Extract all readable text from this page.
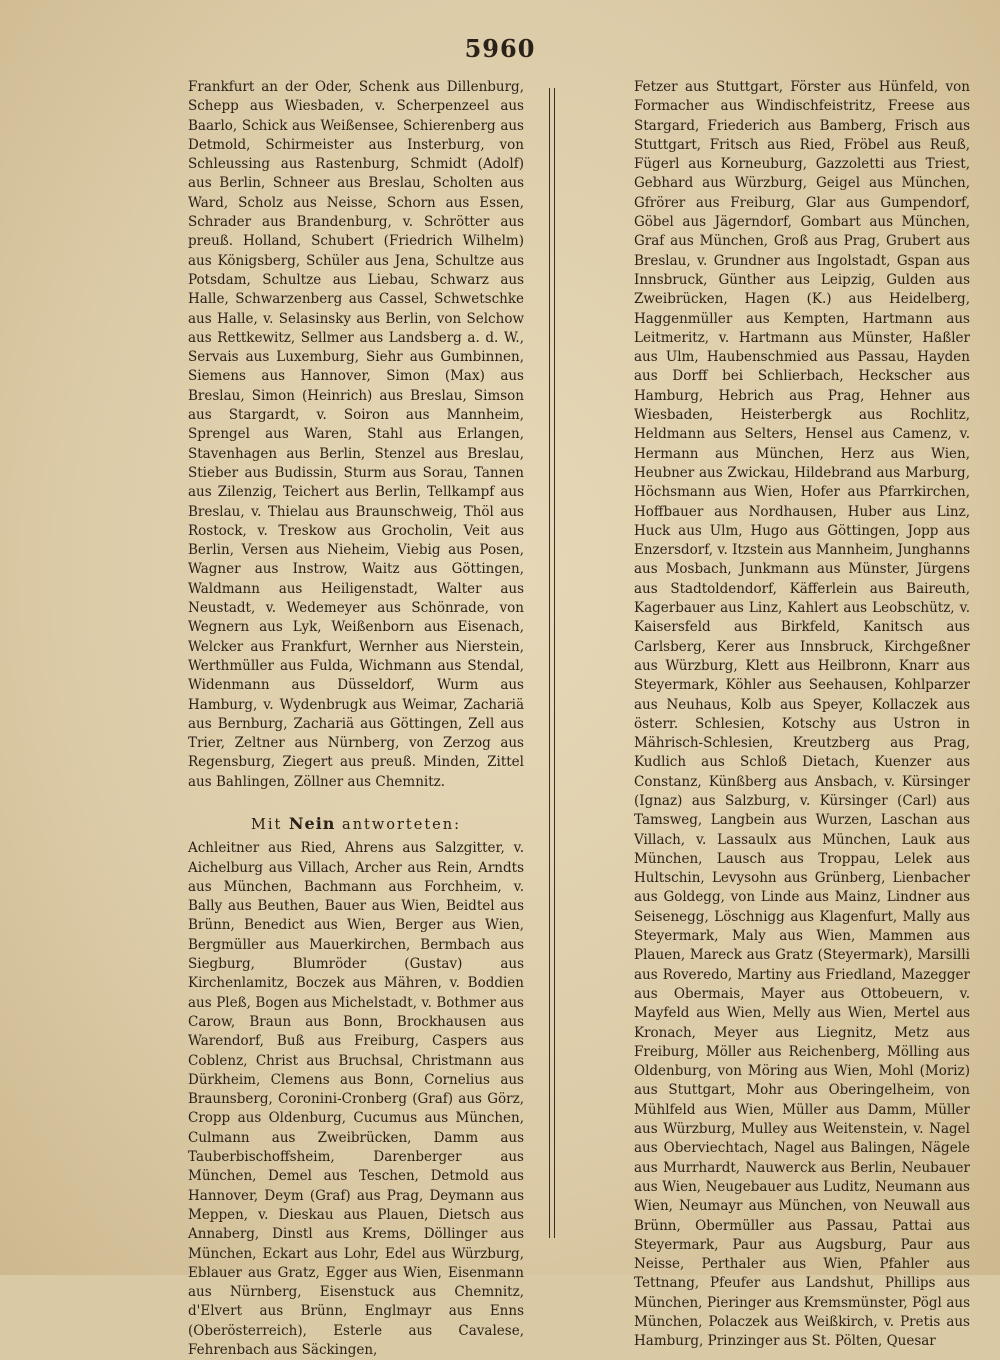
5960

Frankfurt an der Oder, Schenk aus Dillenburg, Schepp aus Wiesbaden, v. Scherpenzeel aus Baarlo, Schick aus Weißensee, Schierenberg aus Detmold, Schirmeister aus Insterburg, von Schleussing aus Rastenburg, Schmidt (Adolf) aus Berlin, Schneer aus Breslau, Scholten aus Ward, Scholz aus Neisse, Schorn aus Essen, Schrader aus Brandenburg, v. Schrötter aus preuß. Holland, Schubert (Friedrich Wilhelm) aus Königsberg, Schüler aus Jena, Schultze aus Potsdam, Schultze aus Liebau, Schwarz aus Halle, Schwarzenberg aus Cassel, Schwetschke aus Halle, v. Selasinsky aus Berlin, von Selchow aus Rettkewitz, Sellmer aus Landsberg a. d. W., Servais aus Luxemburg, Siehr aus Gumbinnen, Siemens aus Hannover, Simon (Max) aus Breslau, Simon (Heinrich) aus Breslau, Simson aus Stargardt, v. Soiron aus Mannheim, Sprengel aus Waren, Stahl aus Erlangen, Stavenhagen aus Berlin, Stenzel aus Breslau, Stieber aus Budissin, Sturm aus Sorau, Tannen aus Zilenzig, Teichert aus Berlin, Tellkampf aus Breslau, v. Thielau aus Braunschweig, Thöl aus Rostock, v. Treskow aus Grocholin, Veit aus Berlin, Versen aus Nieheim, Viebig aus Posen, Wagner aus Instrow, Waitz aus Göttingen, Waldmann aus Heiligenstadt, Walter aus Neustadt, v. Wedemeyer aus Schönrade, von Wegnern aus Lyk, Weißenborn aus Eisenach, Welcker aus Frankfurt, Wernher aus Nierstein, Werthmüller aus Fulda, Wichmann aus Stendal, Widenmann aus Düsseldorf, Wurm aus Hamburg, v. Wydenbrugk aus Weimar, Zachariä aus Bernburg, Zachariä aus Göttingen, Zell aus Trier, Zeltner aus Nürnberg, von Zerzog aus Regensburg, Ziegert aus preuß. Minden, Zittel aus Bahlingen, Zöllner aus Chemnitz.

Mit Nein antworteten:

Achleitner aus Ried, Ahrens aus Salzgitter, v. Aichelburg aus Villach, Archer aus Rein, Arndts aus München, Bachmann aus Forchheim, v. Bally aus Beuthen, Bauer aus Wien, Beidtel aus Brünn, Benedict aus Wien, Berger aus Wien, Bergmüller aus Mauerkirchen, Bermbach aus Siegburg, Blumröder (Gustav) aus Kirchenlamitz, Boczek aus Mähren, v. Boddien aus Pleß, Bogen aus Michelstadt, v. Bothmer aus Carow, Braun aus Bonn, Brockhausen aus Warendorf, Buß aus Freiburg, Caspers aus Coblenz, Christ aus Bruchsal, Christmann aus Dürkheim, Clemens aus Bonn, Cornelius aus Braunsberg, Coronini-Cronberg (Graf) aus Görz, Cropp aus Oldenburg, Cucumus aus München, Culmann aus Zweibrücken, Damm aus Tauberbischoffsheim, Darenberger aus München, Demel aus Teschen, Detmold aus Hannover, Deym (Graf) aus Prag, Deymann aus Meppen, v. Dieskau aus Plauen, Dietsch aus Annaberg, Dinstl aus Krems, Döllinger aus München, Eckart aus Lohr, Edel aus Würzburg, Eblauer aus Gratz, Egger aus Wien, Eisenmann aus Nürnberg, Eisenstuck aus Chemnitz, d'Elvert aus Brünn, Englmayr aus Enns (Oberösterreich), Esterle aus Cavalese, Fehrenbach aus Säckingen,

Fetzer aus Stuttgart, Förster aus Hünfeld, von Formacher aus Windischfeistritz, Freese aus Stargard, Friederich aus Bamberg, Frisch aus Stuttgart, Fritsch aus Ried, Fröbel aus Reuß, Fügerl aus Korneuburg, Gazzoletti aus Triest, Gebhard aus Würzburg, Geigel aus München, Gfrörer aus Freiburg, Glar aus Gumpendorf, Göbel aus Jägerndorf, Gombart aus München, Graf aus München, Groß aus Prag, Grubert aus Breslau, v. Grundner aus Ingolstadt, Gspan aus Innsbruck, Günther aus Leipzig, Gulden aus Zweibrücken, Hagen (K.) aus Heidelberg, Haggenmüller aus Kempten, Hartmann aus Leitmeritz, v. Hartmann aus Münster, Haßler aus Ulm, Haubenschmied aus Passau, Hayden aus Dorff bei Schlierbach, Heckscher aus Hamburg, Hebrich aus Prag, Hehner aus Wiesbaden, Heisterbergk aus Rochlitz, Heldmann aus Selters, Hensel aus Camenz, v. Hermann aus München, Herz aus Wien, Heubner aus Zwickau, Hildebrand aus Marburg, Höchsmann aus Wien, Hofer aus Pfarrkirchen, Hoffbauer aus Nordhausen, Huber aus Linz, Huck aus Ulm, Hugo aus Göttingen, Jopp aus Enzersdorf, v. Itzstein aus Mannheim, Junghanns aus Mosbach, Junkmann aus Münster, Jürgens aus Stadtoldendorf, Käfferlein aus Baireuth, Kagerbauer aus Linz, Kahlert aus Leobschütz, v. Kaisersfeld aus Birkfeld, Kanitsch aus Carlsberg, Kerer aus Innsbruck, Kirchgeßner aus Würzburg, Klett aus Heilbronn, Knarr aus Steyermark, Köhler aus Seehausen, Kohlparzer aus Neuhaus, Kolb aus Speyer, Kollaczek aus österr. Schlesien, Kotschy aus Ustron in Mährisch-Schlesien, Kreutzberg aus Prag, Kudlich aus Schloß Dietach, Kuenzer aus Constanz, Künßberg aus Ansbach, v. Kürsinger (Ignaz) aus Salzburg, v. Kürsinger (Carl) aus Tamsweg, Langbein aus Wurzen, Laschan aus Villach, v. Lassaulx aus München, Lauk aus München, Lausch aus Troppau, Lelek aus Hultschin, Levysohn aus Grünberg, Lienbacher aus Goldegg, von Linde aus Mainz, Lindner aus Seisenegg, Löschnigg aus Klagenfurt, Mally aus Steyermark, Maly aus Wien, Mammen aus Plauen, Mareck aus Gratz (Steyermark), Marsilli aus Roveredo, Martiny aus Friedland, Mazegger aus Obermais, Mayer aus Ottobeuern, v. Mayfeld aus Wien, Melly aus Wien, Mertel aus Kronach, Meyer aus Liegnitz, Metz aus Freiburg, Möller aus Reichenberg, Mölling aus Oldenburg, von Möring aus Wien, Mohl (Moriz) aus Stuttgart, Mohr aus Oberingelheim, von Mühlfeld aus Wien, Müller aus Damm, Müller aus Würzburg, Mulley aus Weitenstein, v. Nagel aus Oberviechtach, Nagel aus Balingen, Nägele aus Murrhardt, Nauwerck aus Berlin, Neubauer aus Wien, Neugebauer aus Luditz, Neumann aus Wien, Neumayr aus München, von Neuwall aus Brünn, Obermüller aus Passau, Pattai aus Steyermark, Paur aus Augsburg, Paur aus Neisse, Perthaler aus Wien, Pfahler aus Tettnang, Pfeufer aus Landshut, Phillips aus München, Pieringer aus Kremsmünster, Pögl aus München, Polaczek aus Weißkirch, v. Pretis aus Hamburg, Prinzinger aus St. Pölten, Quesar
